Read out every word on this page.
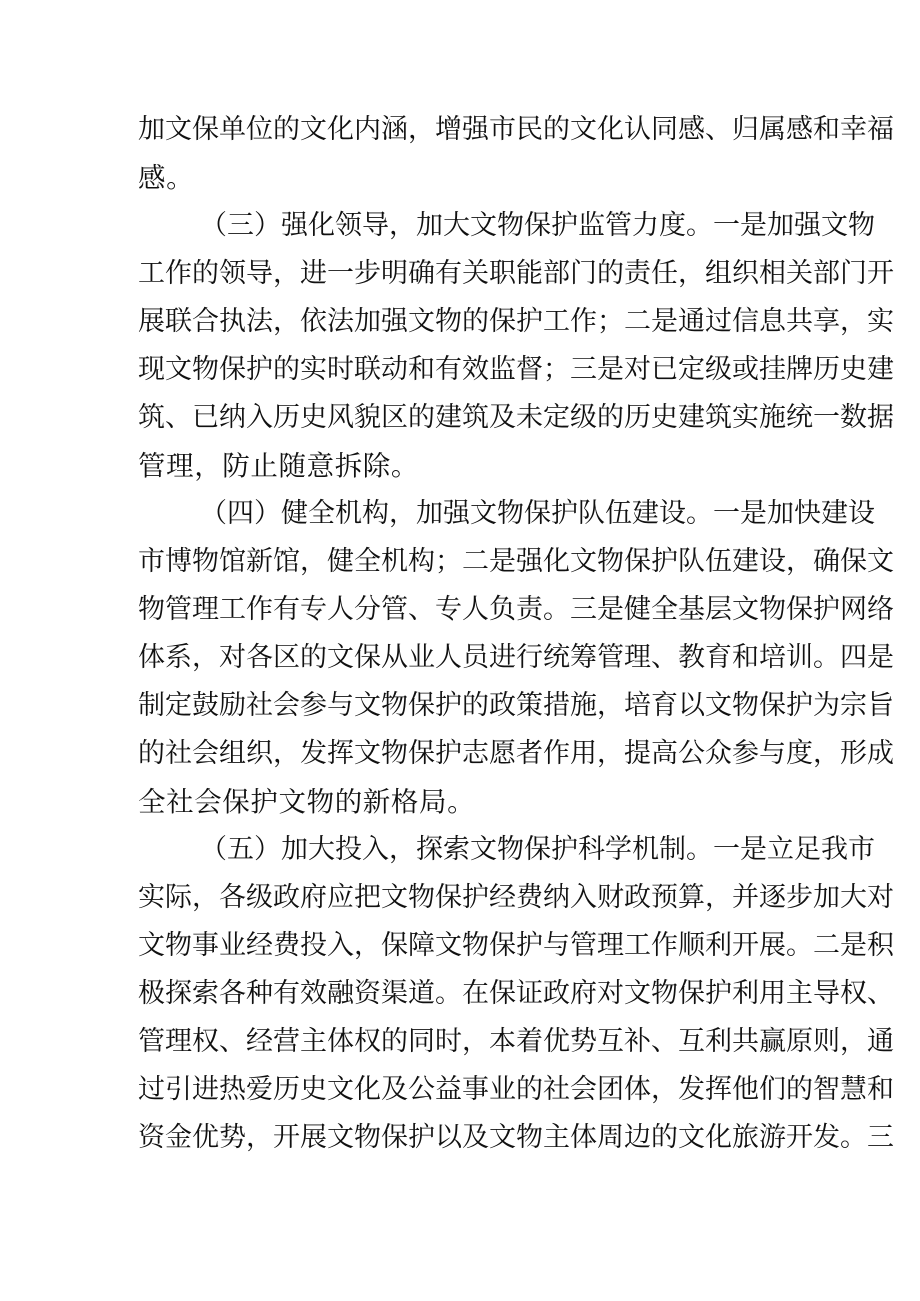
加文保单位的文化内涵，增强市民的文化认同感、归属感和幸福
感。
（三）强化领导，加大文物保护监管力度。一是加强文物
工作的领导，进一步明确有关职能部门的责任，组织相关部门开
展联合执法，依法加强文物的保护工作；二是通过信息共享，实
现文物保护的实时联动和有效监督；三是对已定级或挂牌历史建
筑、已纳入历史风貌区的建筑及未定级的历史建筑实施统一数据
管理，防止随意拆除。
（四）健全机构，加强文物保护队伍建设。一是加快建设
市博物馆新馆，健全机构；二是强化文物保护队伍建设，确保文
物管理工作有专人分管、专人负责。三是健全基层文物保护网络
体系，对各区的文保从业人员进行统筹管理、教育和培训。四是
制定鼓励社会参与文物保护的政策措施，培育以文物保护为宗旨
的社会组织，发挥文物保护志愿者作用，提高公众参与度，形成
全社会保护文物的新格局。
（五）加大投入，探索文物保护科学机制。一是立足我市
实际，各级政府应把文物保护经费纳入财政预算，并逐步加大对
文物事业经费投入，保障文物保护与管理工作顺利开展。二是积
极探索各种有效融资渠道。在保证政府对文物保护利用主导权、
管理权、经营主体权的同时，本着优势互补、互利共赢原则，通
过引进热爱历史文化及公益事业的社会团体，发挥他们的智慧和
资金优势，开展文物保护以及文物主体周边的文化旅游开发。三
